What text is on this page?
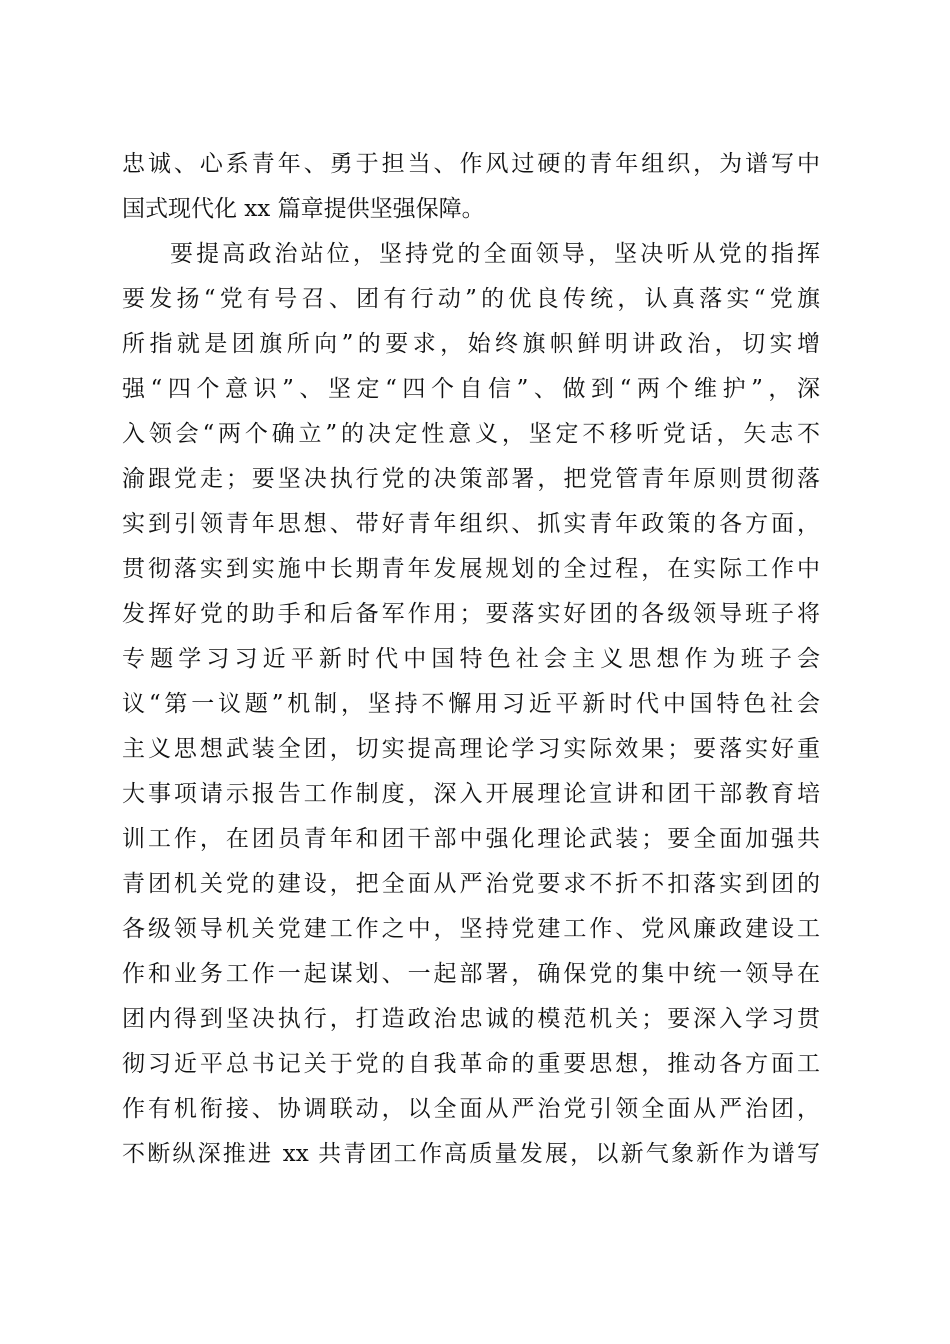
忠诚、心系青年、勇于担当、作风过硬的青年组织，为谱写中
国式现代化 xx 篇章提供坚强保障。
要提高政治站位，坚持党的全面领导，坚决听从党的指挥
要发扬“党有号召、团有行动”的优良传统，认真落实“党旗
所指就是团旗所向”的要求，始终旗帜鲜明讲政治，切实增
强“四个意识”、坚定“四个自信”、做到“两个维护”，深
入领会“两个确立”的决定性意义，坚定不移听党话，矢志不
渝跟党走；要坚决执行党的决策部署，把党管青年原则贯彻落
实到引领青年思想、带好青年组织、抓实青年政策的各方面，
贯彻落实到实施中长期青年发展规划的全过程，在实际工作中
发挥好党的助手和后备军作用；要落实好团的各级领导班子将
专题学习习近平新时代中国特色社会主义思想作为班子会
议“第一议题”机制，坚持不懈用习近平新时代中国特色社会
主义思想武装全团，切实提高理论学习实际效果；要落实好重
大事项请示报告工作制度，深入开展理论宣讲和团干部教育培
训工作，在团员青年和团干部中强化理论武装；要全面加强共
青团机关党的建设，把全面从严治党要求不折不扣落实到团的
各级领导机关党建工作之中，坚持党建工作、党风廉政建设工
作和业务工作一起谋划、一起部署，确保党的集中统一领导在
团内得到坚决执行，打造政治忠诚的模范机关；要深入学习贯
彻习近平总书记关于党的自我革命的重要思想，推动各方面工
作有机衔接、协调联动，以全面从严治党引领全面从严治团，
不断纵深推进 xx 共青团工作高质量发展，以新气象新作为谱写
